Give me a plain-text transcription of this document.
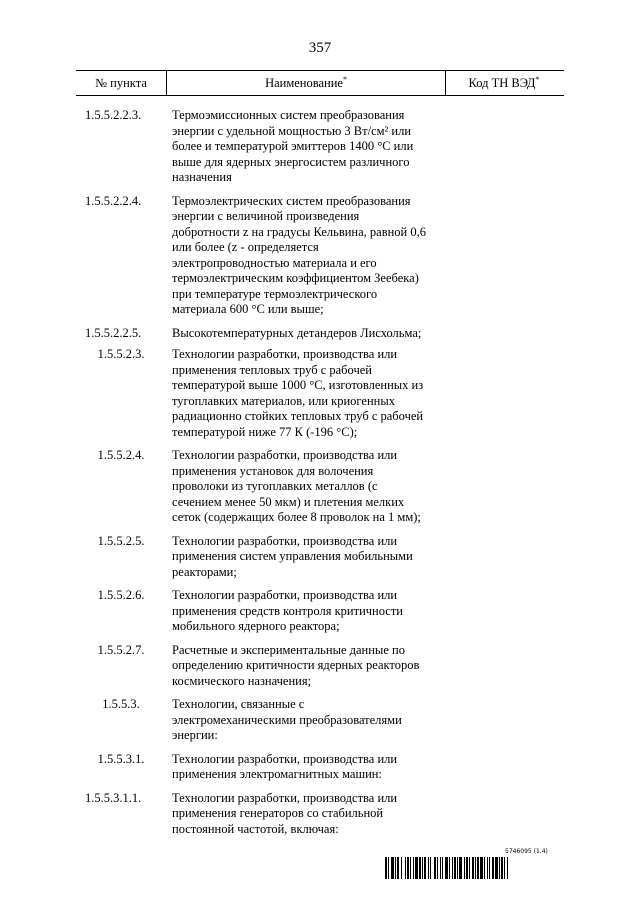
357
№ пункта	Наименование*	Код ТН ВЭД*
1.5.5.2.2.3.	Термоэмиссионных систем преобразования
энергии с удельной мощностью 3 Вт/см² или
более и температурой эмиттеров 1400 °С или
выше для ядерных энергосистем различного
назначения
1.5.5.2.2.4.	Термоэлектрических систем преобразования
энергии с величиной произведения
добротности z на градусы Кельвина, равной 0,6
или более (z - определяется
электропроводностью материала и его
термоэлектрическим коэффициентом Зеебека)
при температуре термоэлектрического
материала 600 °С или выше;
1.5.5.2.2.5.	Высокотемпературных детандеров Лисхольма;
1.5.5.2.3.	Технологии разработки, производства или
применения тепловых труб с рабочей
температурой выше 1000 °С, изготовленных из
тугоплавких материалов, или криогенных
радиационно стойких тепловых труб с рабочей
температурой ниже 77 К (-196 °С);
1.5.5.2.4.	Технологии разработки, производства или
применения установок для волочения
проволоки из тугоплавких металлов (с
сечением менее 50 мкм) и плетения мелких
сеток (содержащих более 8 проволок на 1 мм);
1.5.5.2.5.	Технологии разработки, производства или
применения систем управления мобильными
реакторами;
1.5.5.2.6.	Технологии разработки, производства или
применения средств контроля критичности
мобильного ядерного реактора;
1.5.5.2.7.	Расчетные и экспериментальные данные по
определению критичности ядерных реакторов
космического назначения;
1.5.5.3.	Технологии, связанные с
электромеханическими преобразователями
энергии:
1.5.5.3.1.	Технологии разработки, производства или
применения электромагнитных машин:
1.5.5.3.1.1.	Технологии разработки, производства или
применения генераторов со стабильной
постоянной частотой, включая:
5746095 (1.4)
